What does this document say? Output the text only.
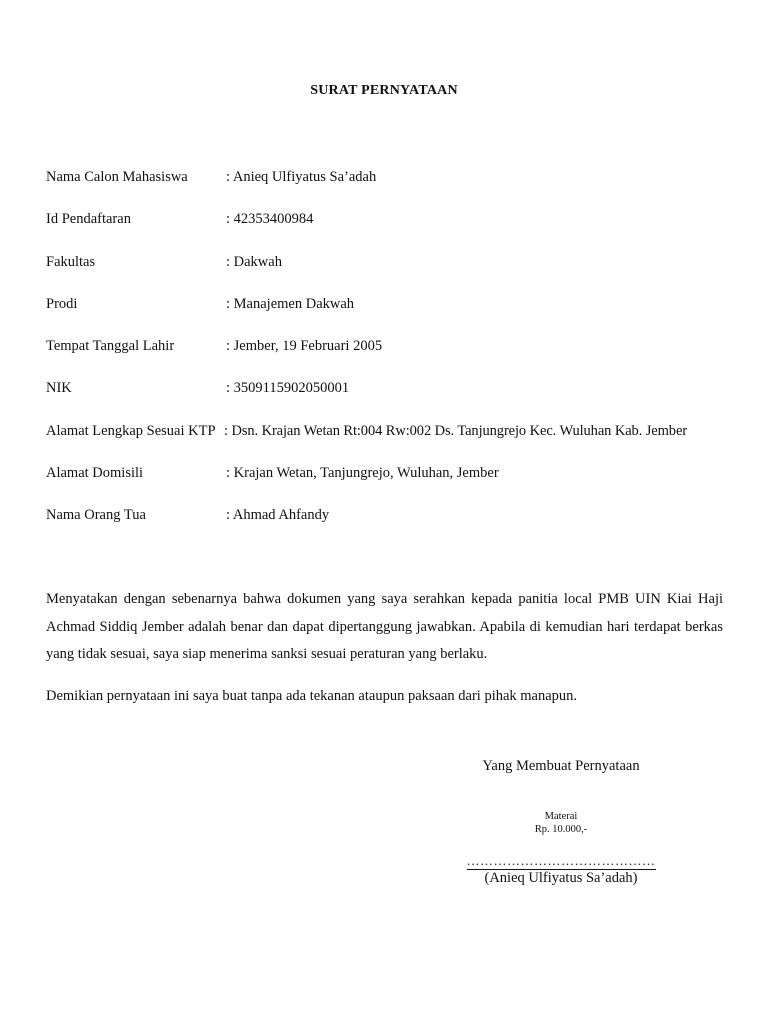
SURAT PERNYATAAN
Nama Calon Mahasiswa	: Anieq Ulfiyatus Sa’adah
Id Pendaftaran	: 42353400984
Fakultas	: Dakwah
Prodi	: Manajemen Dakwah
Tempat Tanggal Lahir	: Jember, 19 Februari 2005
NIK	: 3509115902050001
Alamat Lengkap Sesuai KTP : Dsn. Krajan Wetan Rt:004 Rw:002 Ds. Tanjungrejo Kec. Wuluhan Kab. Jember
Alamat Domisili	: Krajan Wetan, Tanjungrejo, Wuluhan, Jember
Nama Orang Tua	: Ahmad Ahfandy
Menyatakan dengan sebenarnya bahwa dokumen yang saya serahkan kepada panitia local PMB UIN Kiai Haji Achmad Siddiq Jember adalah benar dan dapat dipertanggung jawabkan. Apabila di kemudian hari terdapat berkas yang tidak sesuai, saya siap menerima sanksi sesuai peraturan yang berlaku.
Demikian pernyataan ini saya buat tanpa ada tekanan ataupun paksaan dari pihak manapun.
Yang Membuat Pernyataan
Materai
Rp. 10.000,-
……………………………………
(Anieq Ulfiyatus Sa’adah)
